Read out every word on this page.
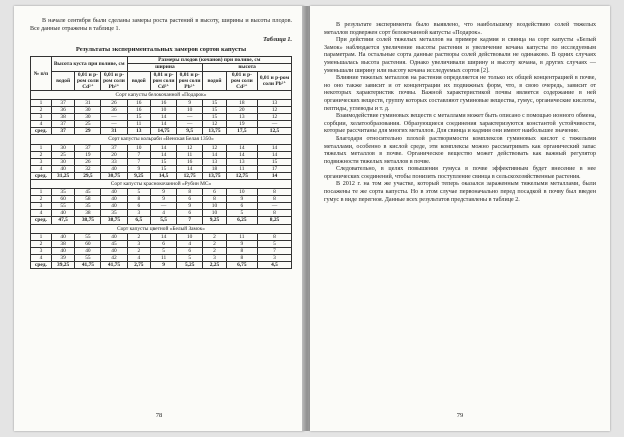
В начале сентября были сделаны замеры роста растений в высоту, ширины и высоты плодов. Все данные отражены в таблице 1.

Таблица 1.
Результаты экспериментальных замеров сортов капусты
№ п/п	Высота куста при поливе, см			Размеры плодов (кочанов) при поливе, см					
				ширина			высота		
	водой	0,01 н р-ром соли Cd²⁺	0,01 н р-ром соли Pb²⁺	водой	0,01 н р-ром соли Cd²⁺	0,01 н р-ром соли Pb²⁺	водой	0,01 н р-ром соли Cd²⁺	0,01 н р-ром соли Pb²⁺
Сорт капусты белокочанной «Подарок»									
1	37	31	26	16	16	9	15	18	13
2	36	30	36	16	10	10	15	20	12
3	38	30	—	15	14	—	15	13	12
4	37	25	—	11	14	—	12	19	—
сред.	37	29	31	13	14,75	9,5	13,75	17,5	12,5
Сорт капусты кольраби «Венская Белая 1350»									
1	30	37	37	10	14	12	12	14	14
2	25	19	20	7	14	11	14	14	14
3	30	26	33	7	15	16	13	13	15
4	40	32	40	9	15	14	18	11	17
сред.	31,25	29,5	30,75	9,25	14,5	12,75	13,75	12,75	14
Сорт капусты краснокочанной «Рубин МС»									
1	35	45	40	5	9	8	6	10	8
2	60	58	40	8	9	6	8	9	8
3	55	35	40	6	—	9	10	6	—
4	40	38	35	3	4	6	10	5	8
сред.	47,5	38,75	38,75	6,5	5,5	7	9,25	6,25	8,25
Сорт капусты цветной «Белый Замок»									
1	40	55	40	2	14	10	2	11	8
2	38	60	45	3	6	4	2	9	5
3	40	40	40	2	5	6	2	8	7
4	39	55	42	4	11	5	3	8	3
сред.	39,25	41,75	41,75	2,75	9	5,25	2,25	6,75	4,5
78

В результате эксперимента было выявлено, что наибольшему воздействию солей тяжелых металлов подвержен сорт белокочанной капусты «Подарок».

При действии солей тяжелых металлов на примере кадмия и свинца на сорт капусты «Белый Замок» наблюдается увеличение высоты растения и увеличение кочана капусты по исследуемым параметрам. На остальные сорта данные растворы солей действовали не одинаково. В одних случаях уменьшалась высота растения. Однако увеличивали ширину и высоту кочана, в других случаях — уменьшали ширину или высоту кочана исследуемых сортов [2].

Влияние тяжелых металлов на растения определяется не только их общей концентрацией в почве, но оно также зависит и от концентрации их подвижных форм, что, в свою очередь, зависит от некоторых характеристик почвы. Важной характеристикой почвы является содержание в ней органических веществ, группу которых составляют гуминовые вещества, гумус, органические кислоты, пептиды, углеводы и т. д.

Взаимодействие гуминовых веществ с металлами может быть описано с помощью ионного обмена, сорбции, хелатообразования. Образующиеся соединения характеризуются константой устойчивости, которые рассчитаны для многих металлов. Для свинца и кадмия они имеют наибольшее значение.

Благодаря относительно плохой растворимости комплексов гуминовых кислот с тяжелыми металлами, особенно в кислой среде, эти комплексы можно рассматривать как органический запас тяжелых металлов в почве. Органическое вещество может действовать как важный регулятор подвижности тяжелых металлов в почве.

Следовательно, в целях повышения гумуса в почве эффективным будет внесение в нее органических соединений, чтобы понизить поступление свинца в сельскохозяйственные растения.

В 2012 г. на том же участке, который теперь оказался зараженным тяжелыми металлами, были посажены те же сорта капусты. Но в этом случае первоначально перед посадкой в почву был введен гумус в виде перегноя. Данные всех результатов представлены в таблице 2.

79
